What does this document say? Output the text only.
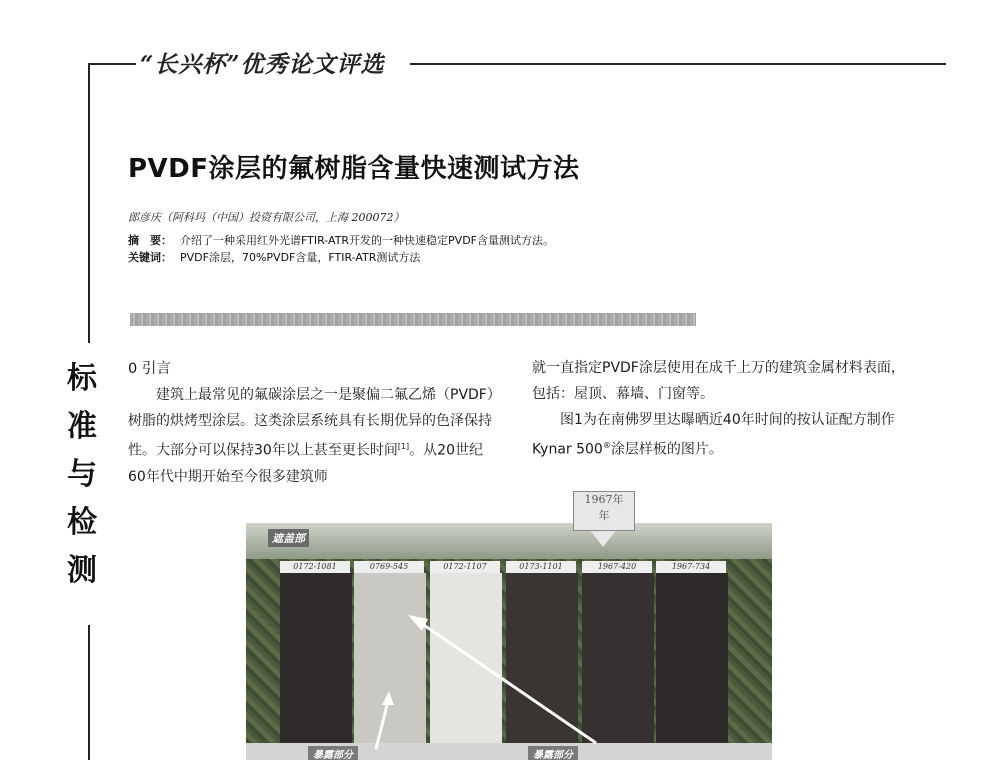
“长兴杯”优秀论文评选
标
准
与
检
测
PVDF涂层的氟树脂含量快速测试方法
郎彦庆（阿科玛（中国）投资有限公司，上海 200072）
摘　要： 介绍了一种采用红外光谱FTIR-ATR开发的一种快速稳定PVDF含量测试方法。
关键词： PVDF涂层，70%PVDF含量，FTIR-ATR测试方法
0 引言

建筑上最常见的氟碳涂层之一是聚偏二氟乙烯（PVDF）树脂的烘烤型涂层。这类涂层系统具有长期优异的色泽保持性。大部分可以保持30年以上甚至更长时间[1]。从20世纪60年代中期开始至今很多建筑师

就一直指定PVDF涂层使用在成千上万的建筑金属材料表面，包括：屋顶、幕墙、门窗等。

图1为在南佛罗里达曝晒近40年时间的按认证配方制作Kynar 500®涂层样板的图片。

0172-1081	0769-545	0172-1107	0173-1101	1967-420	1967-734
遮盖部
暴露部分	暴露部分
1967年
年
